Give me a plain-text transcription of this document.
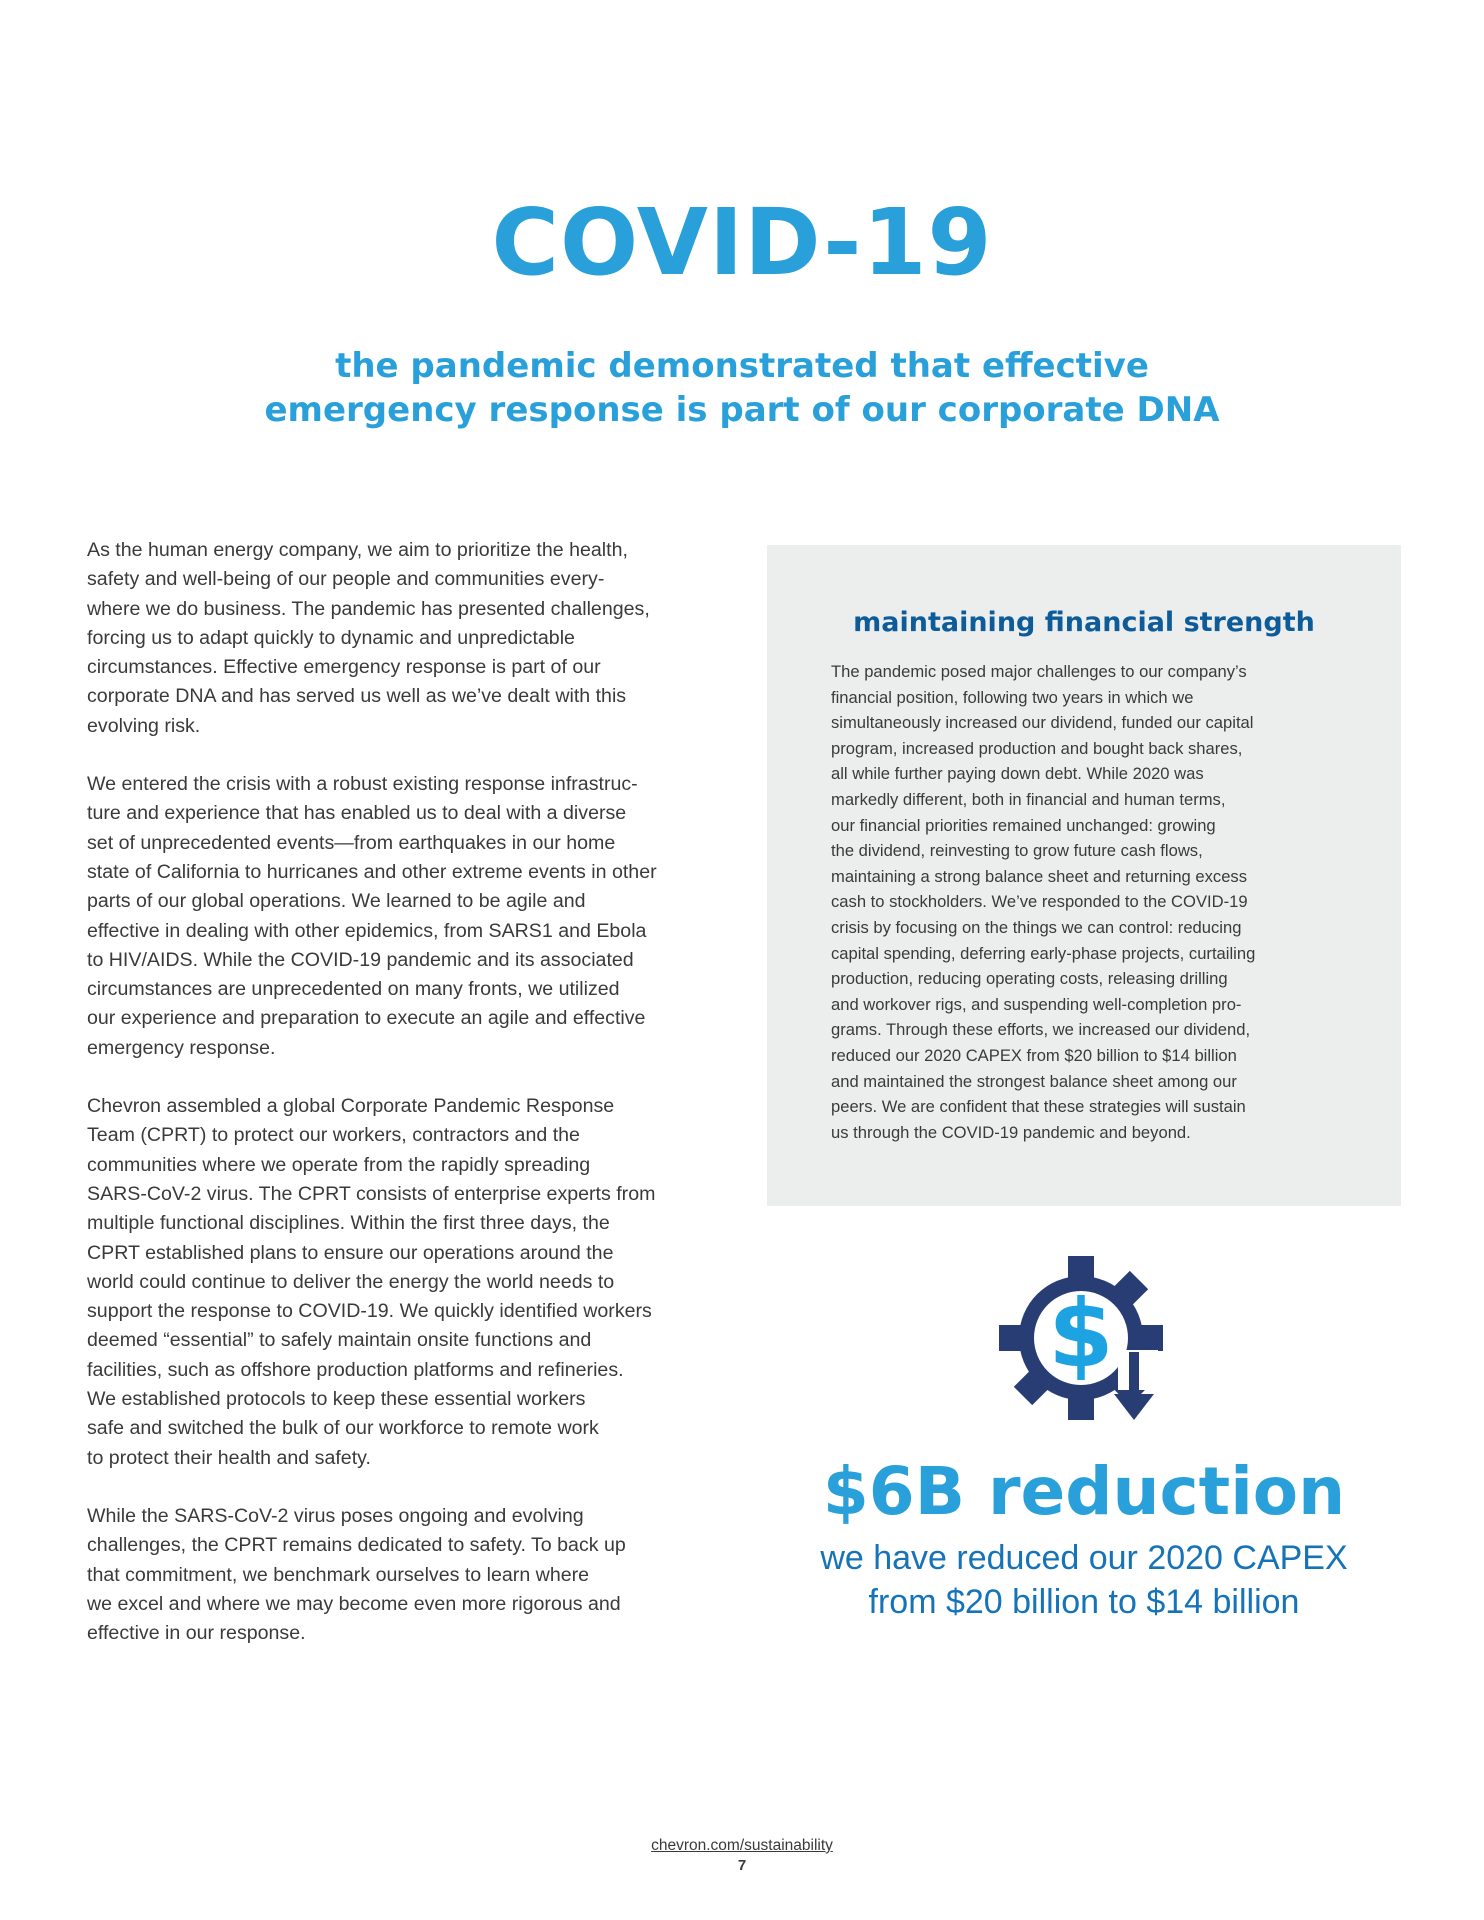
COVID-19
the pandemic demonstrated that effective
emergency response is part of our corporate DNA

As the human energy company, we aim to prioritize the health,
safety and well-being of our people and communities every-
where we do business. The pandemic has presented challenges,
forcing us to adapt quickly to dynamic and unpredictable
circumstances. Effective emergency response is part of our
corporate DNA and has served us well as we’ve dealt with this
evolving risk.

We entered the crisis with a robust existing response infrastruc-
ture and experience that has enabled us to deal with a diverse
set of unprecedented events—from earthquakes in our home
state of California to hurricanes and other extreme events in other
parts of our global operations. We learned to be agile and
effective in dealing with other epidemics, from SARS1 and Ebola
to HIV/AIDS. While the COVID-19 pandemic and its associated
circumstances are unprecedented on many fronts, we utilized
our experience and preparation to execute an agile and effective
emergency response.

Chevron assembled a global Corporate Pandemic Response
Team (CPRT) to protect our workers, contractors and the
communities where we operate from the rapidly spreading
SARS-CoV-2 virus. The CPRT consists of enterprise experts from
multiple functional disciplines. Within the first three days, the
CPRT established plans to ensure our operations around the
world could continue to deliver the energy the world needs to
support the response to COVID-19. We quickly identified workers
deemed “essential” to safely maintain onsite functions and
facilities, such as offshore production platforms and refineries.
We established protocols to keep these essential workers
safe and switched the bulk of our workforce to remote work
to protect their health and safety.

While the SARS-CoV-2 virus poses ongoing and evolving
challenges, the CPRT remains dedicated to safety. To back up
that commitment, we benchmark ourselves to learn where
we excel and where we may become even more rigorous and
effective in our response.

maintaining financial strength
The pandemic posed major challenges to our company’s
financial position, following two years in which we
simultaneously increased our dividend, funded our capital
program, increased production and bought back shares,
all while further paying down debt. While 2020 was
markedly different, both in financial and human terms,
our financial priorities remained unchanged: growing
the dividend, reinvesting to grow future cash flows,
maintaining a strong balance sheet and returning excess
cash to stockholders. We’ve responded to the COVID-19
crisis by focusing on the things we can control: reducing
capital spending, deferring early-phase projects, curtailing
production, reducing operating costs, releasing drilling
and workover rigs, and suspending well-completion pro-
grams. Through these efforts, we increased our dividend,
reduced our 2020 CAPEX from $20 billion to $14 billion
and maintained the strongest balance sheet among our
peers. We are confident that these strategies will sustain
us through the COVID-19 pandemic and beyond.
$
$6B reduction
we have reduced our 2020 CAPEX
from $20 billion to $14 billion
chevron.com/sustainability
7
